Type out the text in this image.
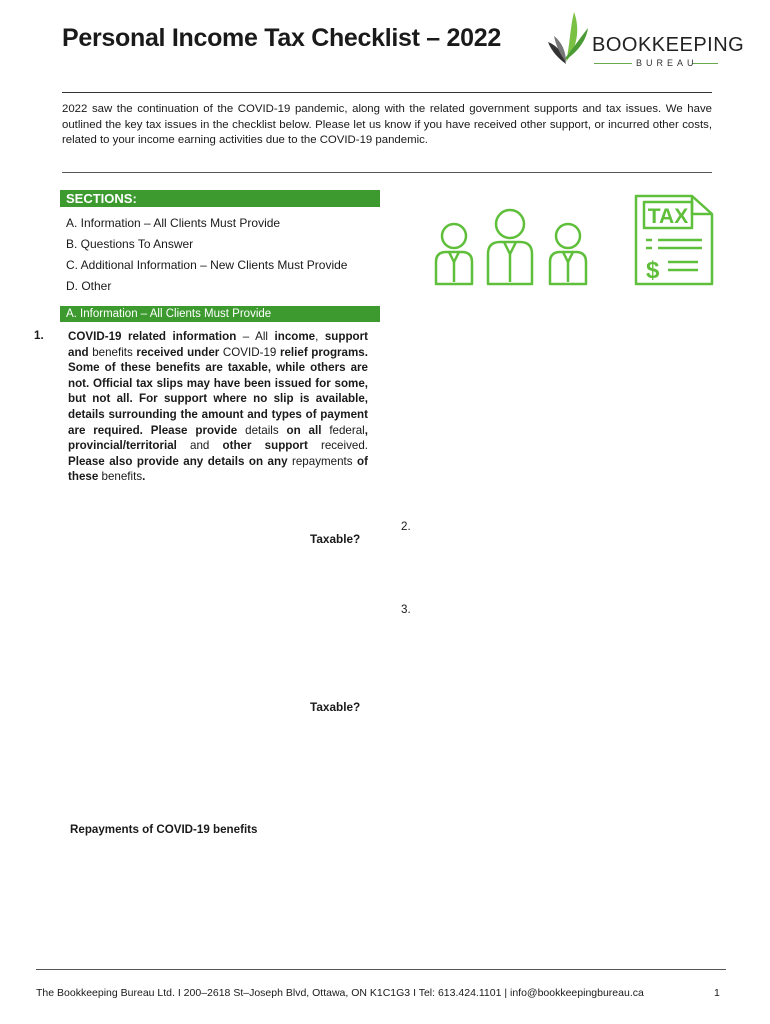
Personal Income Tax Checklist – 2022	BOOKKEEPING
BUREAU
2022 saw the continuation of the COVID-19 pandemic, along with the related government supports and tax issues. We have outlined the key tax issues in the checklist below. Please let us know if you have received other support, or incurred other costs, related to your income earning activities due to the COVID-19 pandemic.
SECTIONS:
A. Information – All Clients Must Provide
B. Questions To Answer
C. Additional Information – New Clients Must Provide
D. Other
TAX
$
A. Information – All Clients Must Provide
1. COVID-19 related information – All income, support
and benefits received under COVID-19 relief programs.
Some of these benefits are taxable, while others are
not. Official tax slips may have been issued for some,
but not all. For support where no slip is available,
details surrounding the amount and types of payment
are required. Please provide details on all federal,
provincial/territorial and other support received.
Please also provide any details on any repayments of
these benefits.
Taxable?
Taxable?
Repayments of COVID-19 benefits
2.
3.
The Bookkeeping Bureau Ltd. I 200–2618 St–Joseph Blvd, Ottawa, ON K1C1G3 I Tel: 613.424.1101 | info@bookkeepingbureau.ca	1
